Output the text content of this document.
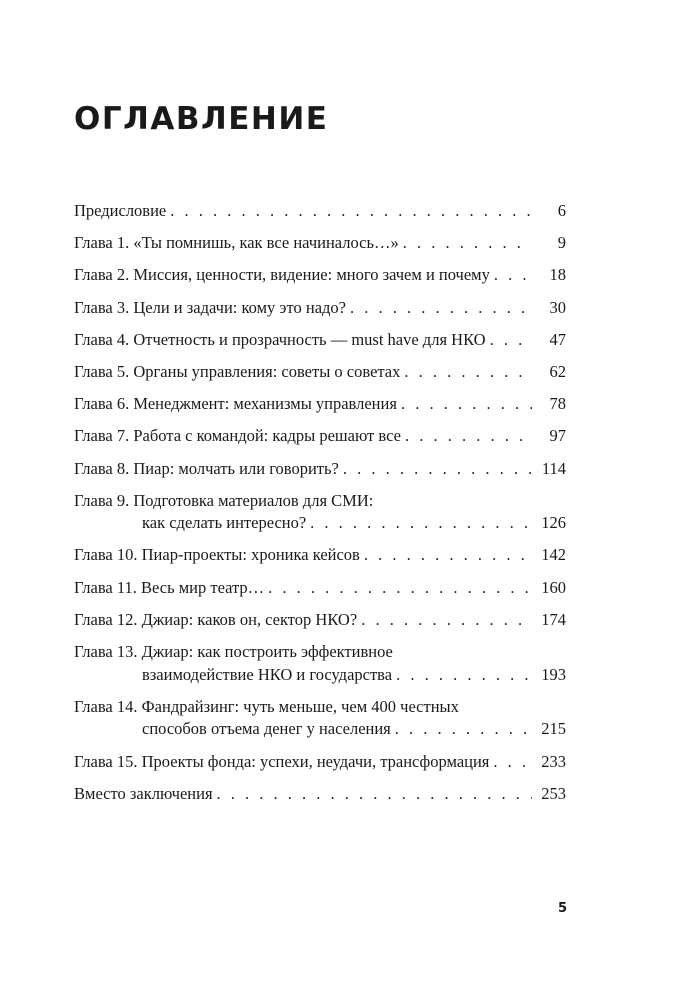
ОГЛАВЛЕНИЕ
Предисловие . . .	6
Глава 1. «Ты помнишь, как все начиналось…» . . .	9
Глава 2. Миссия, ценности, видение: много зачем и почему . . .	18
Глава 3. Цели и задачи: кому это надо? . . .	30
Глава 4. Отчетность и прозрачность — must have для НКО . . .	47
Глава 5. Органы управления: советы о советах . . .	62
Глава 6. Менеджмент: механизмы управления . . .	78
Глава 7. Работа с командой: кадры решают все . . .	97
Глава 8. Пиар: молчать или говорить? . . .	114
Глава 9. Подготовка материалов для СМИ:
как сделать интересно? . . .	126
Глава 10. Пиар-проекты: хроника кейсов . . .	142
Глава 11. Весь мир театр… . . .	160
Глава 12. Джиар: каков он, сектор НКО? . . .	174
Глава 13. Джиар: как построить эффективное
взаимодействие НКО и государства . . .	193
Глава 14. Фандрайзинг: чуть меньше, чем 400 честных
способов отъема денег у населения . . .	215
Глава 15. Проекты фонда: успехи, неудачи, трансформация . . .	233
Вместо заключения . . .	253
5
